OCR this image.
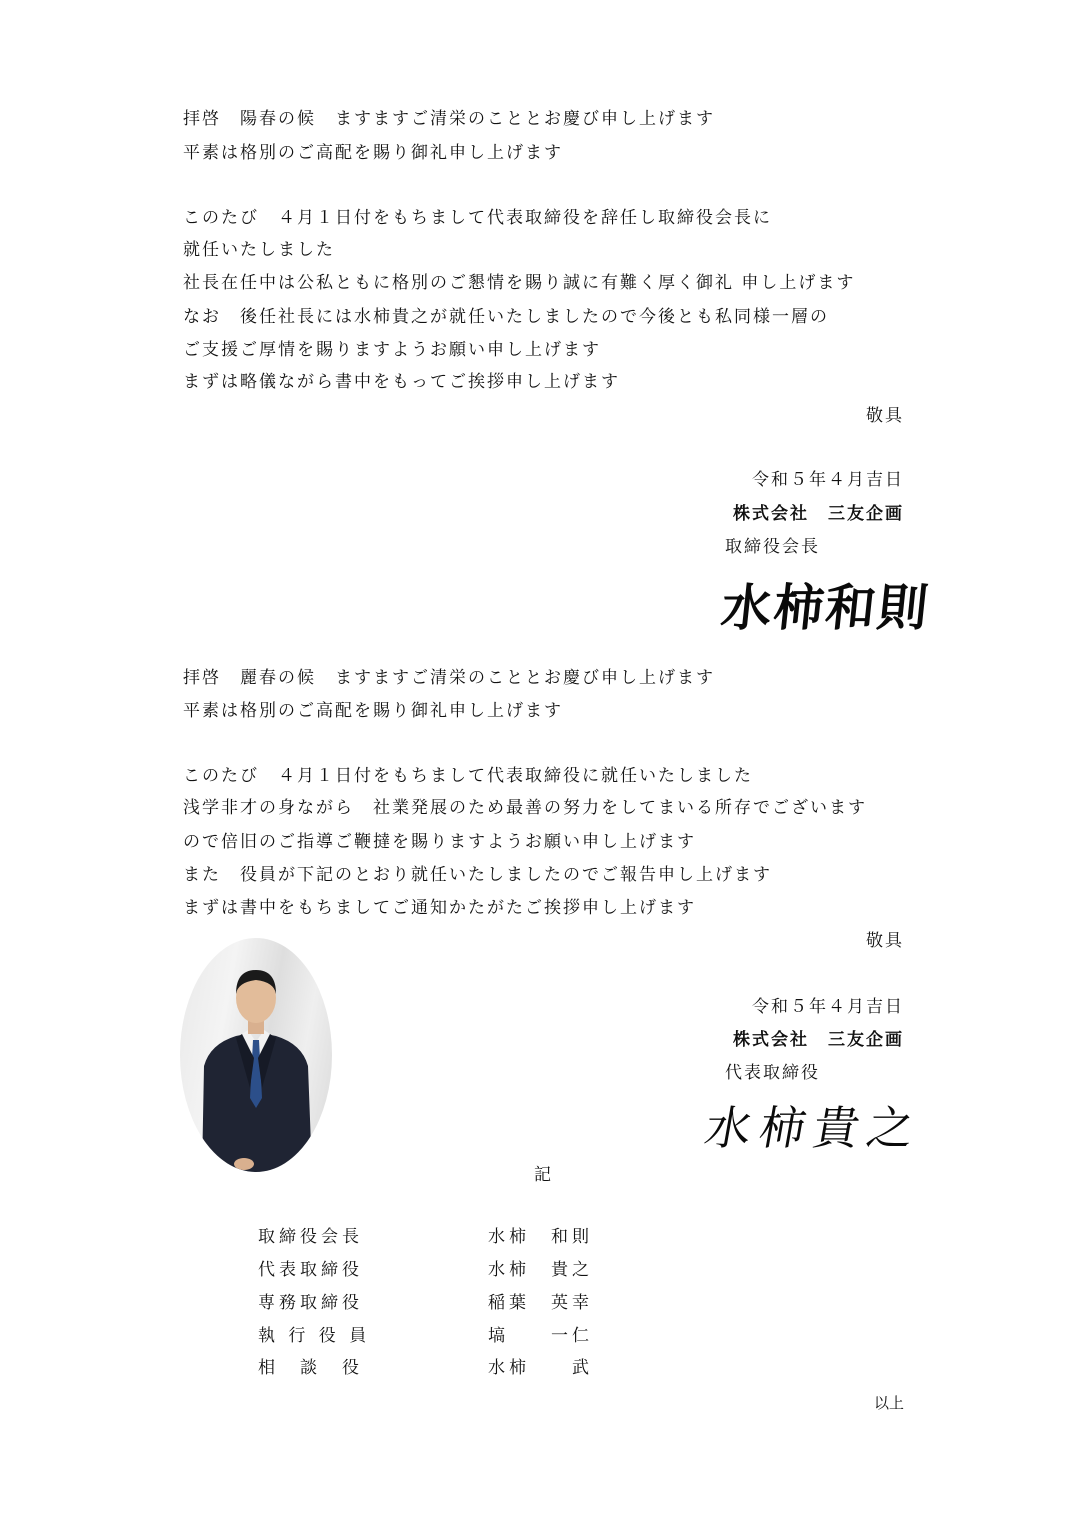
拝啓　陽春の候　ますますご清栄のこととお慶び申し上げます
平素は格別のご高配を賜り御礼申し上げます
このたび　４月１日付をもちまして代表取締役を辞任し取締役会長に
就任いたしました
社長在任中は公私ともに格別のご懇情を賜り誠に有難く厚く御礼 申し上げます
なお　後任社長には水柿貴之が就任いたしましたので今後とも私同様一層の
ご支援ご厚情を賜りますようお願い申し上げます
まずは略儀ながら書中をもってご挨拶申し上げます
敬具
令和５年４月吉日
株式会社　三友企画
取締役会長
水柿和則
拝啓　麗春の候　ますますご清栄のこととお慶び申し上げます
平素は格別のご高配を賜り御礼申し上げます
このたび　４月１日付をもちまして代表取締役に就任いたしました
浅学非才の身ながら　社業発展のため最善の努力をしてまいる所存でございます
ので倍旧のご指導ご鞭撻を賜りますようお願い申し上げます
また　役員が下記のとおり就任いたしましたのでご報告申し上げます
まずは書中をもちましてご通知かたがたご挨拶申し上げます
敬具
令和５年４月吉日
株式会社　三友企画
代表取締役
水柿貴之
記
取締役会長	水柿　和則
代表取締役	水柿　貴之
専務取締役	稲葉　英幸
執 行 役 員	塙　　一仁
相　談　役	水柿　　武
以上
